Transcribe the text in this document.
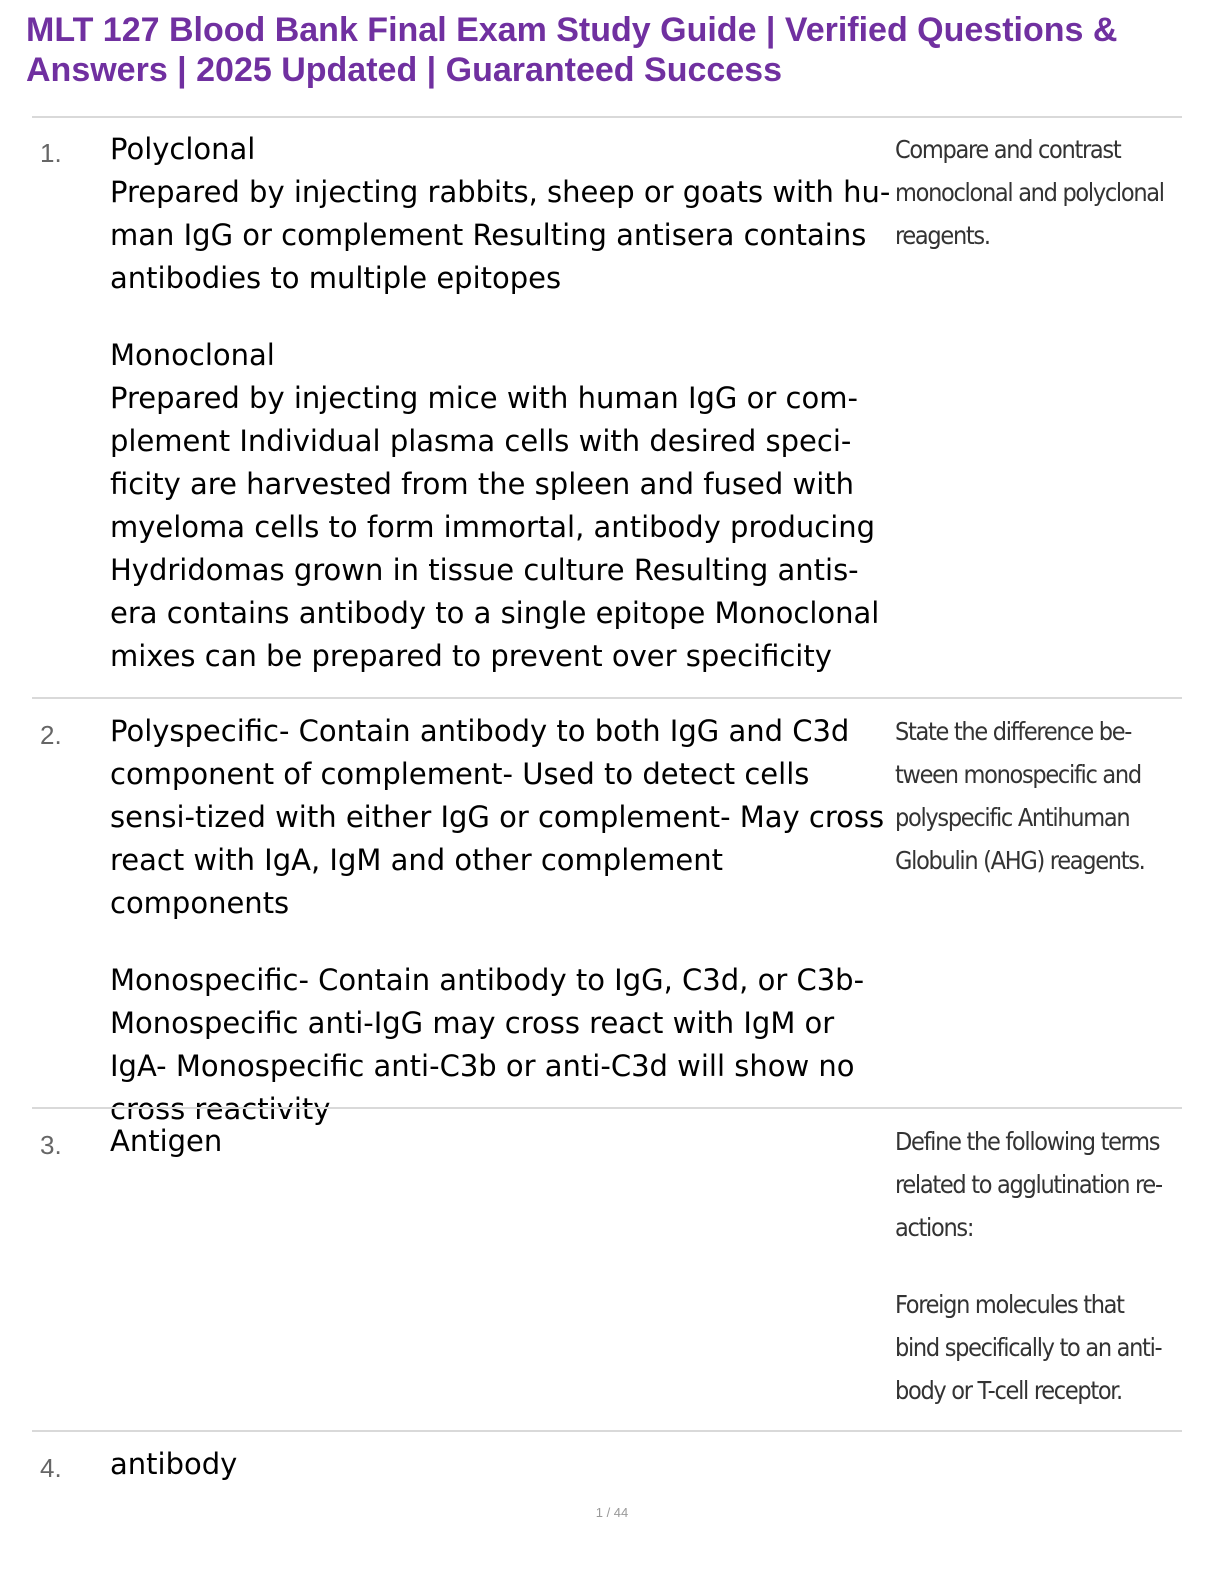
MLT 127 Blood Bank Final Exam Study Guide | Verified Questions & Answers | 2025 Updated | Guaranteed Success
1. Polyclonal

Prepared by injecting rabbits, sheep or goats with hu-man IgG or complement Resulting antisera contains antibodies to multiple epitopes

Monoclonal

Prepared by injecting mice with human IgG or com-plement Individual plasma cells with desired speci-ficity are harvested from the spleen and fused with myeloma cells to form immortal, antibody producing Hydridomas grown in tissue culture Resulting antis-era contains antibody to a single epitope Monoclonal mixes can be prepared to prevent over specificity

Compare and contrast monoclonal and polyclonal reagents.

2. Polyspecific- Contain antibody to both IgG and C3d component of complement- Used to detect cells sensi-tized with either IgG or complement- May cross react with IgA, IgM and other complement components

Monospecific- Contain antibody to IgG, C3d, or C3b- Monospecific anti-IgG may cross react with IgM or IgA- Monospecific anti-C3b or anti-C3d will show no cross reactivity

State the difference be-tween monospecific and polyspecific Antihuman Globulin (AHG) reagents.

3. Antigen	Define the following terms related to agglutination re-actions:

Foreign molecules that bind specifically to an anti-body or T-cell receptor.

4. antibody

1 / 44
